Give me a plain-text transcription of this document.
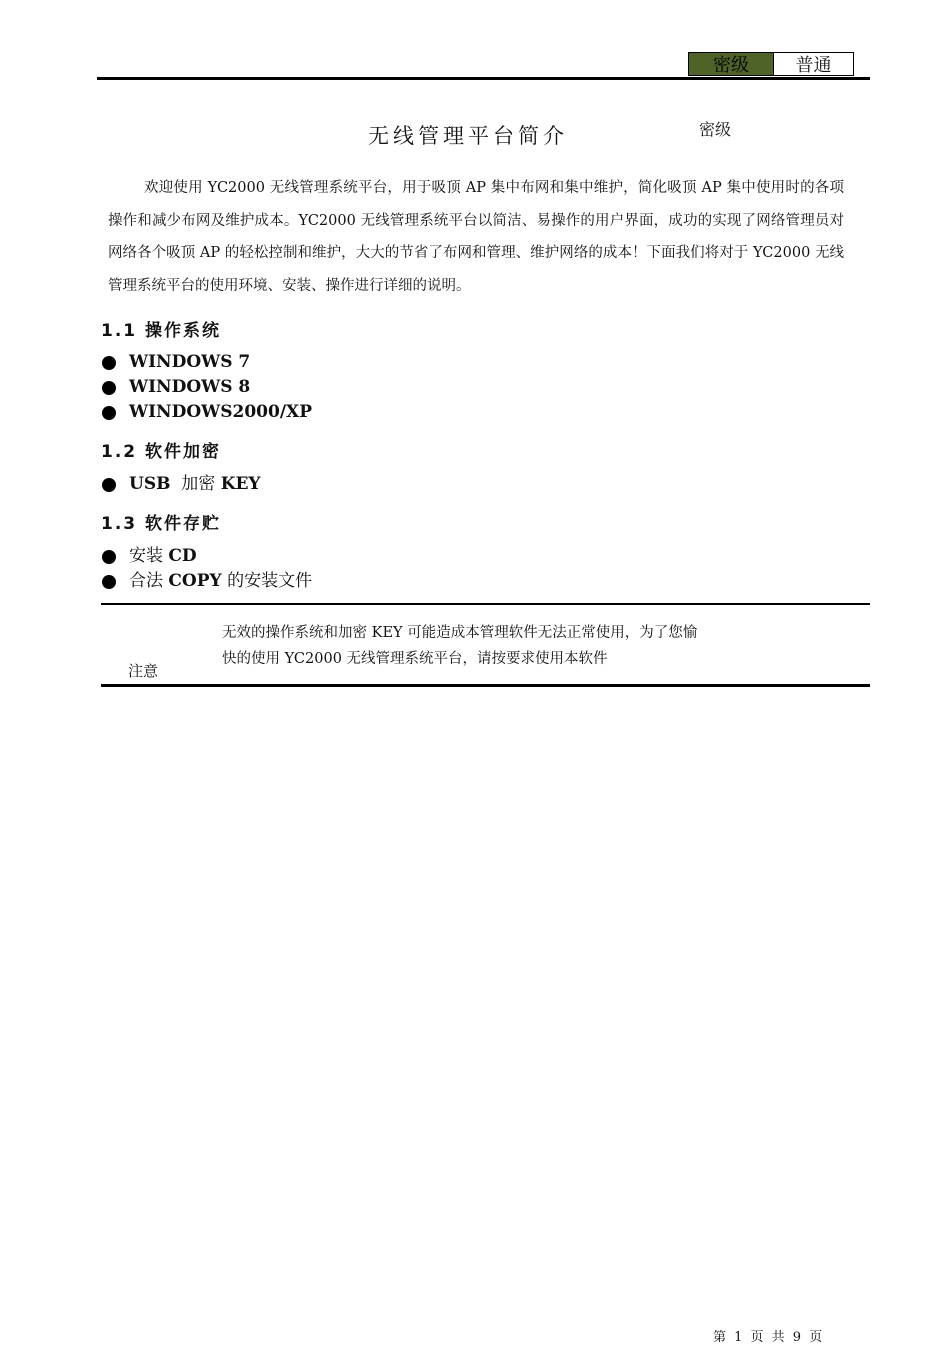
密级	普通
无线管理平台简介	密级

欢迎使用 YC2000 无线管理系统平台，用于吸顶 AP 集中布网和集中维护，简化吸顶 AP 集中使用时的各项操作和减少布网及维护成本。YC2000 无线管理系统平台以简洁、易操作的用户界面，成功的实现了网络管理员对网络各个吸顶 AP 的轻松控制和维护，大大的节省了布网和管理、维护网络的成本！下面我们将对于 YC2000 无线管理系统平台的使用环境、安装、操作进行详细的说明。

1.1 操作系统
WINDOWS 7
WINDOWS 8
WINDOWS2000/XP
1.2 软件加密
USB 加密 KEY
1.3 软件存贮
安装 CD
合法 COPY 的安装文件

无效的操作系统和加密 KEY 可能造成本管理软件无法正常使用，为了您愉
快的使用 YC2000 无线管理系统平台，请按要求使用本软件

注意
第 1 页 共 9 页
